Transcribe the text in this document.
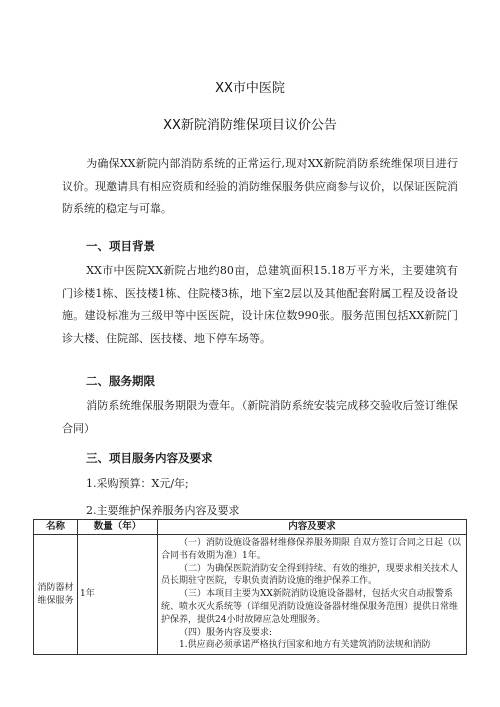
XX市中医院
XX新院消防维保项目议价公告

为确保XX新院内部消防系统的正常运行,现对XX新院消防系统维保项目进行议价。现邀请具有相应资质和经验的消防维保服务供应商参与议价，以保证医院消防系统的稳定与可靠。

一、项目背景

XX市中医院XX新院占地约80亩，总建筑面积15.18万平方米，主要建筑有门诊楼1栋、医技楼1栋、住院楼3栋，地下室2层以及其他配套附属工程及设备设施。建设标准为三级甲等中医医院，设计床位数990张。服务范围包括XX新院门诊大楼、住院部、医技楼、地下停车场等。

二、服务期限

消防系统维保服务期限为壹年。（新院消防系统安装完成移交验收后签订维保合同）

三、项目服务内容及要求
1.采购预算：X元/年;
2.主要维护保养服务内容及要求
名称	数量（年）	内容及要求
消防器材维保服务	1年	（一）消防设施设备器材维修保养服务期限 自双方签订合同之日起（以合同书有效期为准）1年。
（二）为确保医院消防安全得到持续、有效的维护，现要求相关技术人员长期驻守医院，专职负责消防设施的维护保养工作。
（三）本项目主要为XX新院消防设施设备器材，包括火灾自动报警系统、喷水灭火系统等（详细见消防设施设备器材维保服务范围）提供日常维护保养，提供24小时故障应急处理服务。
（四）服务内容及要求:
1.供应商必须承诺严格执行国家和地方有关建筑消防法规和消防
